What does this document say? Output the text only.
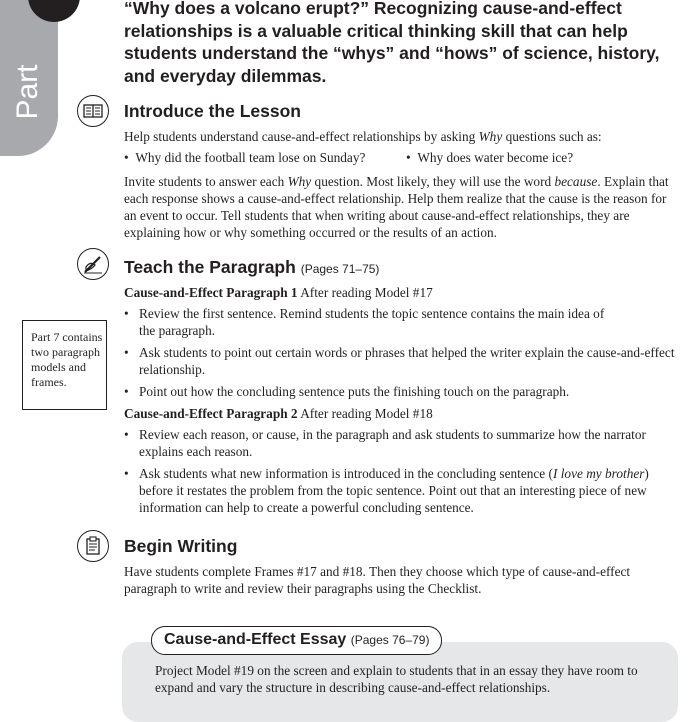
Part
“Why does a volcano erupt?” Recognizing cause-and-effect relationships is a valuable critical thinking skill that can help students understand the “whys” and “hows” of science, history, and everyday dilemmas.
Introduce the Lesson
Help students understand cause-and-effect relationships by asking Why questions such as:
•  Why did the football team lose on Sunday?	•  Why does water become ice?
Invite students to answer each Why question. Most likely, they will use the word because. Explain that each response shows a cause-and-effect relationship. Help them realize that the cause is the reason for an event to occur. Tell students that when writing about cause-and-effect relationships, they are explaining how or why something occurred or the results of an action.
Teach the Paragraph (Pages 71–75)
Cause-and-Effect Paragraph 1 After reading Model #17
• Review the first sentence. Remind students the topic sentence contains the main idea of the paragraph.
• Ask students to point out certain words or phrases that helped the writer explain the cause-and-effect relationship.
• Point out how the concluding sentence puts the finishing touch on the paragraph.
Cause-and-Effect Paragraph 2 After reading Model #18
• Review each reason, or cause, in the paragraph and ask students to summarize how the narrator explains each reason.
• Ask students what new information is introduced in the concluding sentence (I love my brother) before it restates the problem from the topic sentence. Point out that an interesting piece of new information can help to create a powerful concluding sentence.
Part 7 contains two paragraph models and frames.
Begin Writing
Have students complete Frames #17 and #18. Then they choose which type of cause-and-effect paragraph to write and review their paragraphs using the Checklist.
Cause-and-Effect Essay (Pages 76–79)
Project Model #19 on the screen and explain to students that in an essay they have room to expand and vary the structure in describing cause-and-effect relationships.
